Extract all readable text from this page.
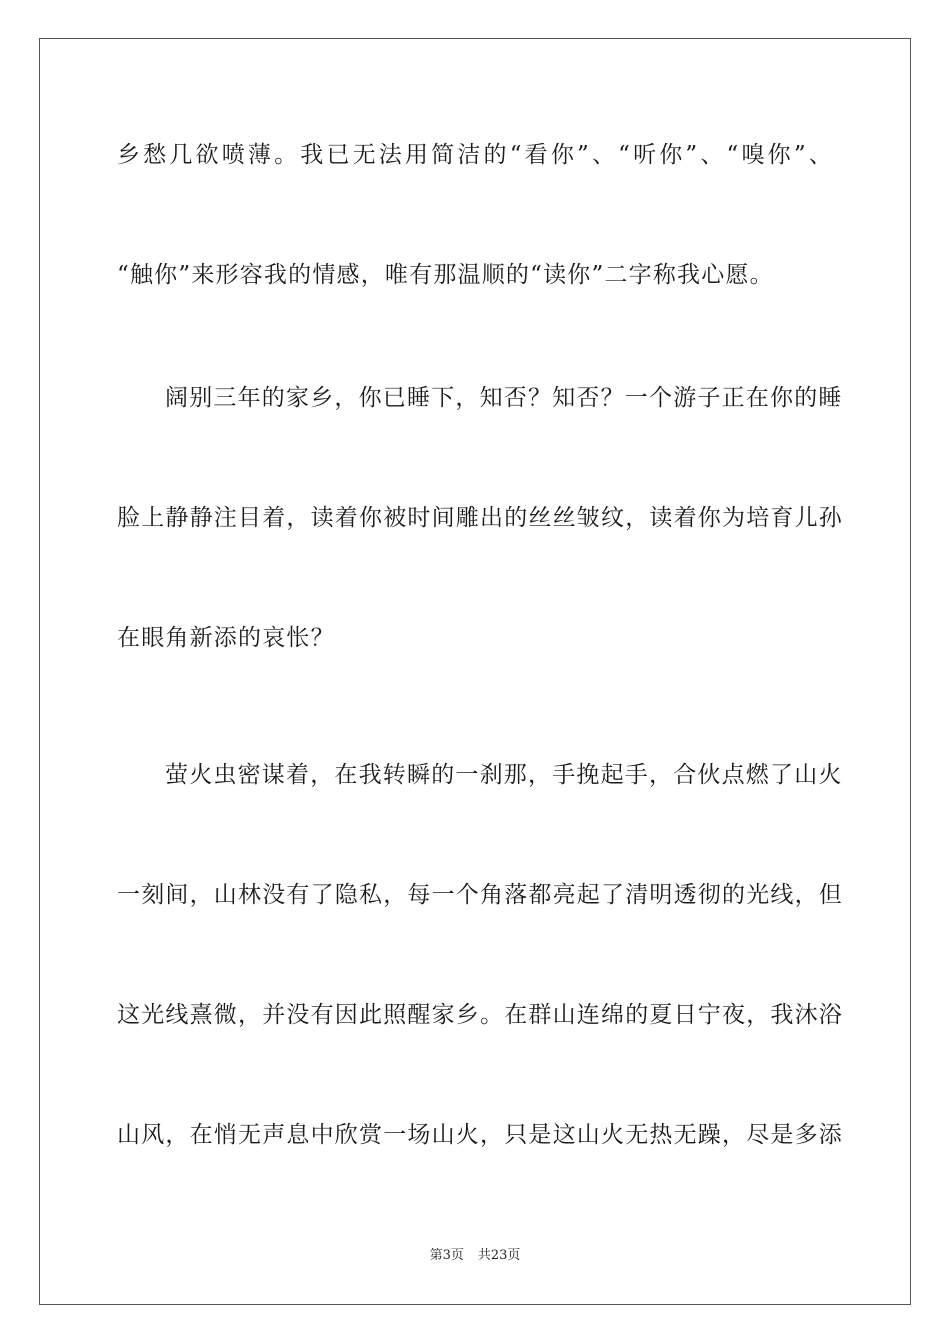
乡愁几欲喷薄。我已无法用简洁的“看你”、“听你”、“嗅你”、
“触你”来形容我的情感，唯有那温顺的“读你”二字称我心愿。
阔别三年的家乡，你已睡下，知否？知否？一个游子正在你的睡
脸上静静注目着，读着你被时间雕出的丝丝皱纹，读着你为培育儿孙
在眼角新添的哀怅？
萤火虫密谋着，在我转瞬的一刹那，手挽起手，合伙点燃了山火
一刻间，山林没有了隐私，每一个角落都亮起了清明透彻的光线，但
这光线熹微，并没有因此照醒家乡。在群山连绵的夏日宁夜，我沐浴
山风，在悄无声息中欣赏一场山火，只是这山火无热无躁，尽是多添
第3页 共23页
